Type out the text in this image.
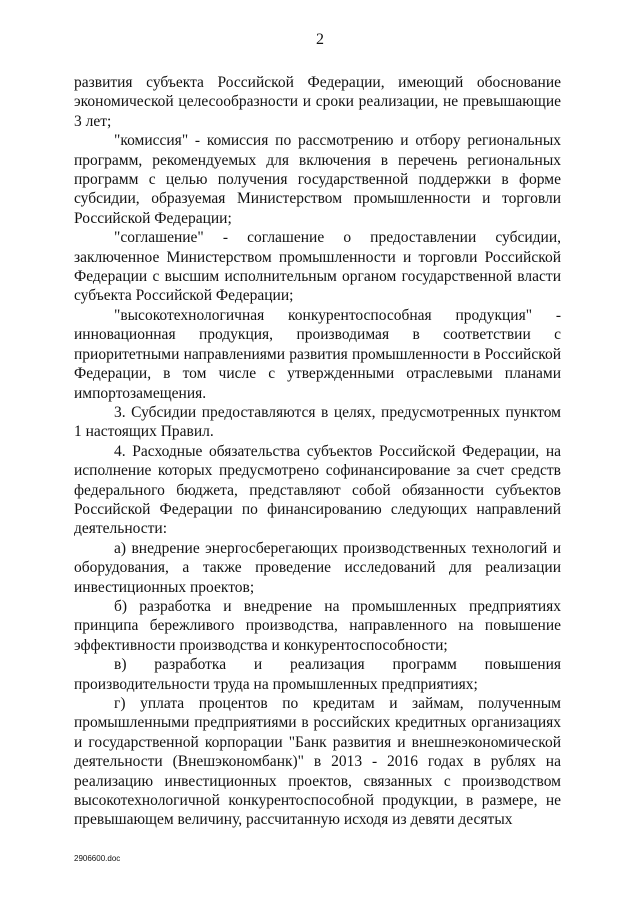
2

развития субъекта Российской Федерации, имеющий обоснование экономической целесообразности и сроки реализации, не превышающие 3 лет;

"комиссия" - комиссия по рассмотрению и отбору региональных программ, рекомендуемых для включения в перечень региональных программ с целью получения государственной поддержки в форме субсидии, образуемая Министерством промышленности и торговли Российской Федерации;

"соглашение" - соглашение о предоставлении субсидии, заключенное Министерством промышленности и торговли Российской Федерации с высшим исполнительным органом государственной власти субъекта Российской Федерации;

"высокотехнологичная конкурентоспособная продукция" - инновационная продукция, производимая в соответствии с приоритетными направлениями развития промышленности в Российской Федерации, в том числе с утвержденными отраслевыми планами импортозамещения.

3. Субсидии предоставляются в целях, предусмотренных пунктом 1 настоящих Правил.

4. Расходные обязательства субъектов Российской Федерации, на исполнение которых предусмотрено софинансирование за счет средств федерального бюджета, представляют собой обязанности субъектов Российской Федерации по финансированию следующих направлений деятельности:

а) внедрение энергосберегающих производственных технологий и оборудования, а также проведение исследований для реализации инвестиционных проектов;

б) разработка и внедрение на промышленных предприятиях принципа бережливого производства, направленного на повышение эффективности производства и конкурентоспособности;

в) разработка и реализация программ повышения производительности труда на промышленных предприятиях;

г) уплата процентов по кредитам и займам, полученным промышленными предприятиями в российских кредитных организациях и государственной корпорации "Банк развития и внешнеэкономической деятельности (Внешэкономбанк)" в 2013 - 2016 годах в рублях на реализацию инвестиционных проектов, связанных с производством высокотехнологичной конкурентоспособной продукции, в размере, не превышающем величину, рассчитанную исходя из девяти десятых

2906600.doc
